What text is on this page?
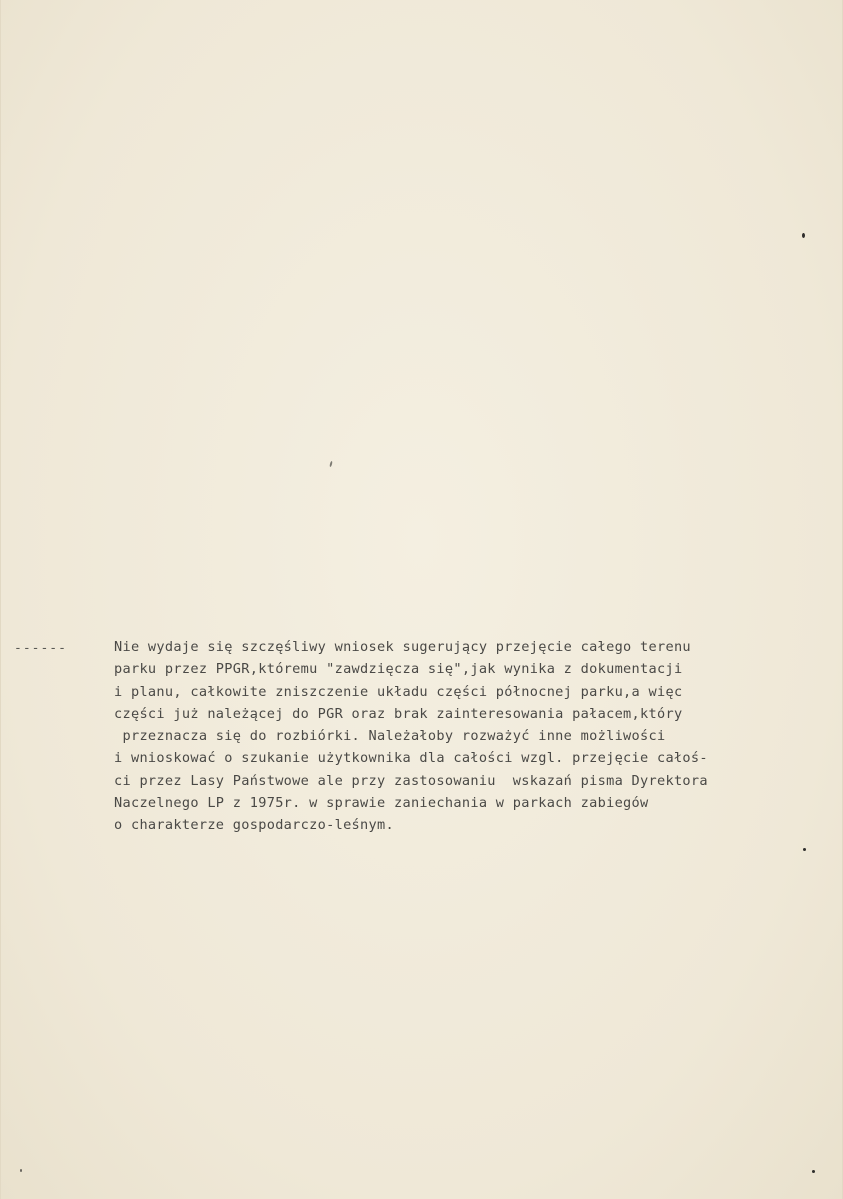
------	Nie wydaje się szczęśliwy wniosek sugerujący przejęcie całego terenu
parku przez PPGR,któremu "zawdzięcza się",jak wynika z dokumentacji
i planu, całkowite zniszczenie układu części północnej parku,a więc
części już należącej do PGR oraz brak zainteresowania pałacem,który
przeznacza się do rozbiórki. Należałoby rozważyć inne możliwości
i wnioskować o szukanie użytkownika dla całości wzgl. przejęcie całoś-
ci przez Lasy Państwowe ale przy zastosowaniu  wskazań pisma Dyrektora
Naczelnego LP z 1975r. w sprawie zaniechania w parkach zabiegów
o charakterze gospodarczo-leśnym.
